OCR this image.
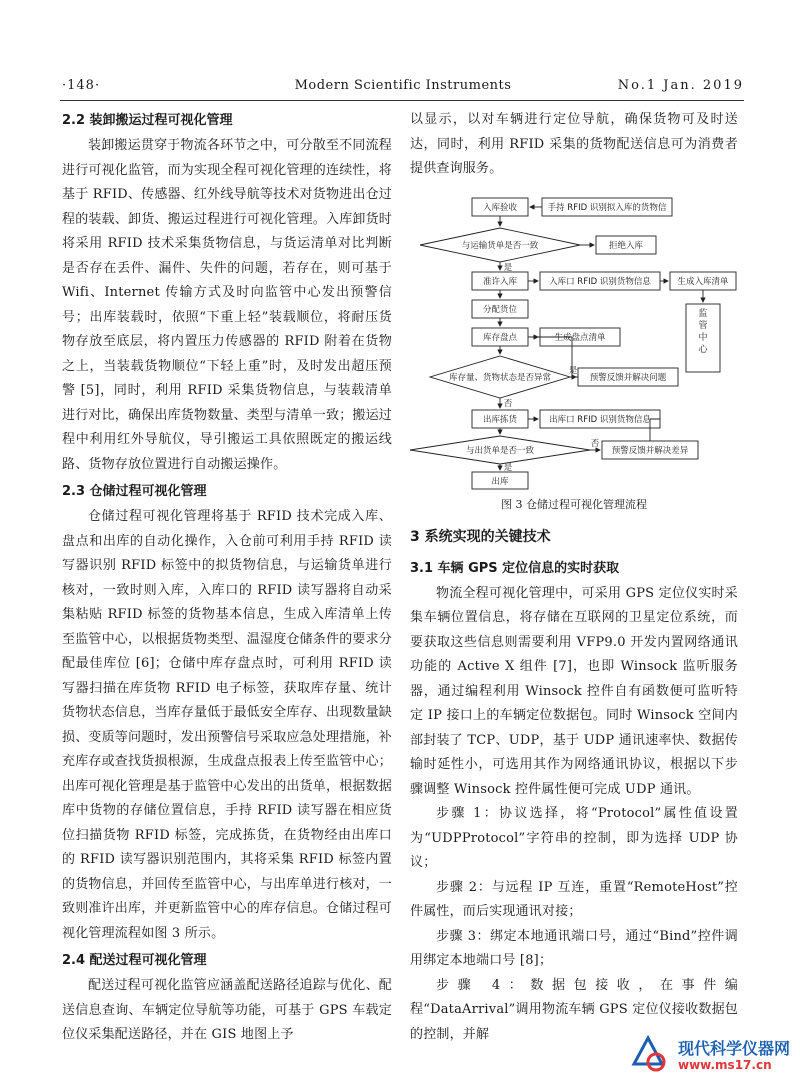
·148·	Modern Scientific Instruments	No.1 Jan. 2019
2.2 装卸搬运过程可视化管理

装卸搬运贯穿于物流各环节之中，可分散至不同流程进行可视化监管，而为实现全程可视化管理的连续性，将基于 RFID、传感器、红外线导航等技术对货物进出仓过程的装载、卸货、搬运过程进行可视化管理。入库卸货时将采用 RFID 技术采集货物信息，与货运清单对比判断是否存在丢件、漏件、失件的问题，若存在，则可基于 Wifi、Internet 传输方式及时向监管中心发出预警信号；出库装载时，依照“下重上轻”装载顺位，将耐压货物存放至底层，将内置压力传感器的 RFID 附着在货物之上，当装载货物顺位“下轻上重”时，及时发出超压预警 [5]，同时，利用 RFID 采集货物信息，与装载清单进行对比，确保出库货物数量、类型与清单一致；搬运过程中利用红外导航仪，导引搬运工具依照既定的搬运线路、货物存放位置进行自动搬运操作。

2.3 仓储过程可视化管理

仓储过程可视化管理将基于 RFID 技术完成入库、盘点和出库的自动化操作，入仓前可利用手持 RFID 读写器识别 RFID 标签中的拟货物信息，与运输货单进行核对，一致时则入库，入库口的 RFID 读写器将自动采集粘贴 RFID 标签的货物基本信息，生成入库清单上传至监管中心，以根据货物类型、温湿度仓储条件的要求分配最佳库位 [6]；仓储中库存盘点时，可利用 RFID 读写器扫描在库货物 RFID 电子标签，获取库存量、统计货物状态信息，当库存量低于最低安全库存、出现数量缺损、变质等问题时，发出预警信号采取应急处理措施，补充库存或查找货损根源，生成盘点报表上传至监管中心；出库可视化管理是基于监管中心发出的出货单，根据数据库中货物的存储位置信息，手持 RFID 读写器在相应货位扫描货物 RFID 标签，完成拣货，在货物经由出库口的 RFID 读写器识别范围内，其将采集 RFID 标签内置的货物信息，并回传至监管中心，与出库单进行核对，一致则准许出库，并更新监管中心的库存信息。仓储过程可视化管理流程如图 3 所示。

2.4 配送过程可视化管理

配送过程可视化监管应涵盖配送路径追踪与优化、配送信息查询、车辆定位导航等功能，可基于 GPS 车载定位仪采集配送路径，并在 GIS 地图上予

以显示，以对车辆进行定位导航，确保货物可及时送达，同时，利用 RFID 采集的货物配送信息可为消费者提供查询服务。

入库验收	手持 RFID 识别拟入库的货物信
与运输货单是否一致	拒绝入库
是
准许入库	入库口 RFID 识别货物信息	生成入库清单
分配货位
库存盘点	生成盘点清单
库存量、货物状态是否异常
是
预警反馈并解决问题
否
出库拣货	出库口 RFID 识别货物信息
与出货单是否一致
否
预警反馈并解决差异
是
出库
监管中心
图 3 仓储过程可视化管理流程
3 系统实现的关键技术
3.1 车辆 GPS 定位信息的实时获取

物流全程可视化管理中，可采用 GPS 定位仪实时采集车辆位置信息，将存储在互联网的卫星定位系统，而要获取这些信息则需要利用 VFP9.0 开发内置网络通讯功能的 Active X 组件 [7]，也即 Winsock 监听服务器，通过编程利用 Winsock 控件自有函数便可监听特定 IP 接口上的车辆定位数据包。同时 Winsock 空间内部封装了 TCP、UDP，基于 UDP 通讯速率快、数据传输时延性小，可选用其作为网络通讯协议，根据以下步骤调整 Winsock 控件属性便可完成 UDP 通讯。

步骤 1：协议选择，将“Protocol”属性值设置为“UDPProtocol”字符串的控制，即为选择 UDP 协议；

步骤 2：与远程 IP 互连，重置“RemoteHost”控件属性，而后实现通讯对接；

步骤 3：绑定本地通讯端口号，通过“Bind”控件调用绑定本地端口号 [8]；

步骤 4：数据包接收，在事件编程“DataArrival”调用物流车辆 GPS 定位仪接收数据包的控制，并解

现代科学仪器网
www.ms17.cn
